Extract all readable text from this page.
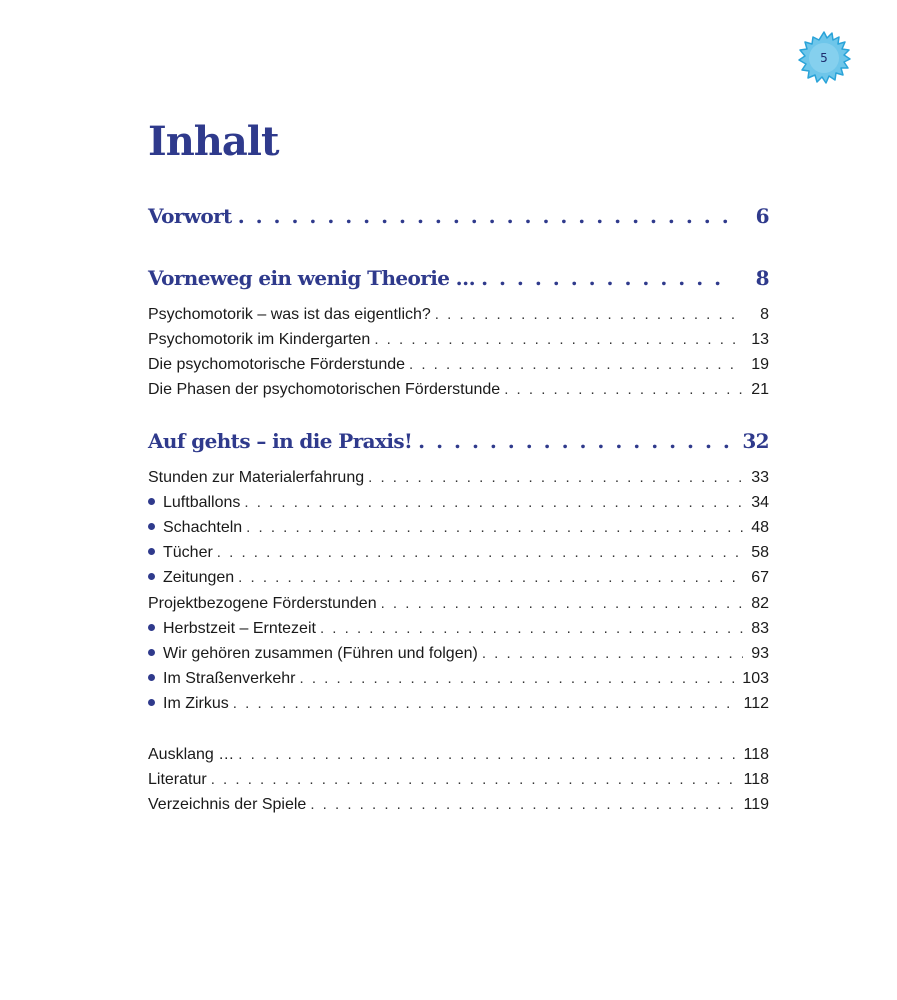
5
Inhalt
Vorwort . . .	6
Vorneweg ein wenig Theorie … . . .	8
Psychomotorik – was ist das eigentlich? . . .	8
Psychomotorik im Kindergarten . . .	13
Die psychomotorische Förderstunde . . .	19
Die Phasen der psychomotorischen Förderstunde . . .	21
Auf gehts – in die Praxis! . . .	32
Stunden zur Materialerfahrung . . .	33
Luftballons . . .	34
Schachteln . . .	48
Tücher . . .	58
Zeitungen . . .	67
Projektbezogene Förderstunden . . .	82
Herbstzeit – Erntezeit . . .	83
Wir gehören zusammen (Führen und folgen) . . .	93
Im Straßenverkehr . . .	103
Im Zirkus . . .	112
Ausklang … . . .	118
Literatur . . .	118
Verzeichnis der Spiele . . .	119
